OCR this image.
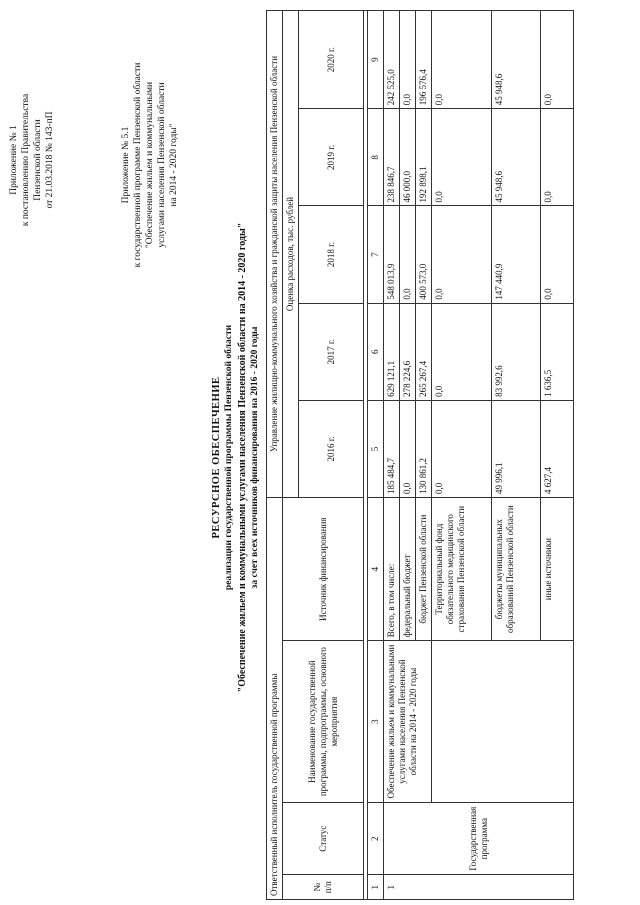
Приложение № 1 к постановлению Правительства Пензенской области от 21.03.2018 № 143-пП	Приложение № 5.1 к государственной программе Пензенской области "Обеспечение жильем и коммунальными услугами населения Пензенской области на 2014 - 2020 годы"
РЕСУРСНОЕ ОБЕСПЕЧЕНИЕ реализации государственной программы Пензенской области "Обеспечение жильем и коммунальными услугами населения Пензенской области на 2014 - 2020 годы" за счет всех источников финансирования на 2016 - 2020 годы
Ответственный исполнитель государственной программы				Управление жилищно-коммунального хозяйства и гражданской защиты населения Пензенской области				
№ п/п	Статус	Наименование государственной программы, подпрограммы, основного мероприятия	Источник финансирования	Оценка расходов, тыс. рублей				
				2016 г.	2017 г.	2018 г.	2019 г.	2020 г.

1	2	3	4	5	6	7	8	9
1	Государственная программа	Обеспечение жильем и коммунальными услугами населения Пензенской области на 2014 - 2020 годы	Всего, в том числе:	185 484,7	629 121,1	548 013,9	238 846,7	242 525,0
			федеральный бюджет	0,0	278 224,6	0,0	46 000,0	0,0
			бюджет Пензенской области	130 861,2	265 267,4	400 573,0	192 898,1	196 576,4
			Территориальный фонд обязательного медицинского страхования Пензенской области	0,0	0,0	0,0	0,0	0,0
			бюджеты муниципальных образований Пензенской области	49 996,1	83 992,6	147 440,9	45 948,6	45 948,6
			иные источники	4 627,4	1 636,5	0,0	0,0	0,0
